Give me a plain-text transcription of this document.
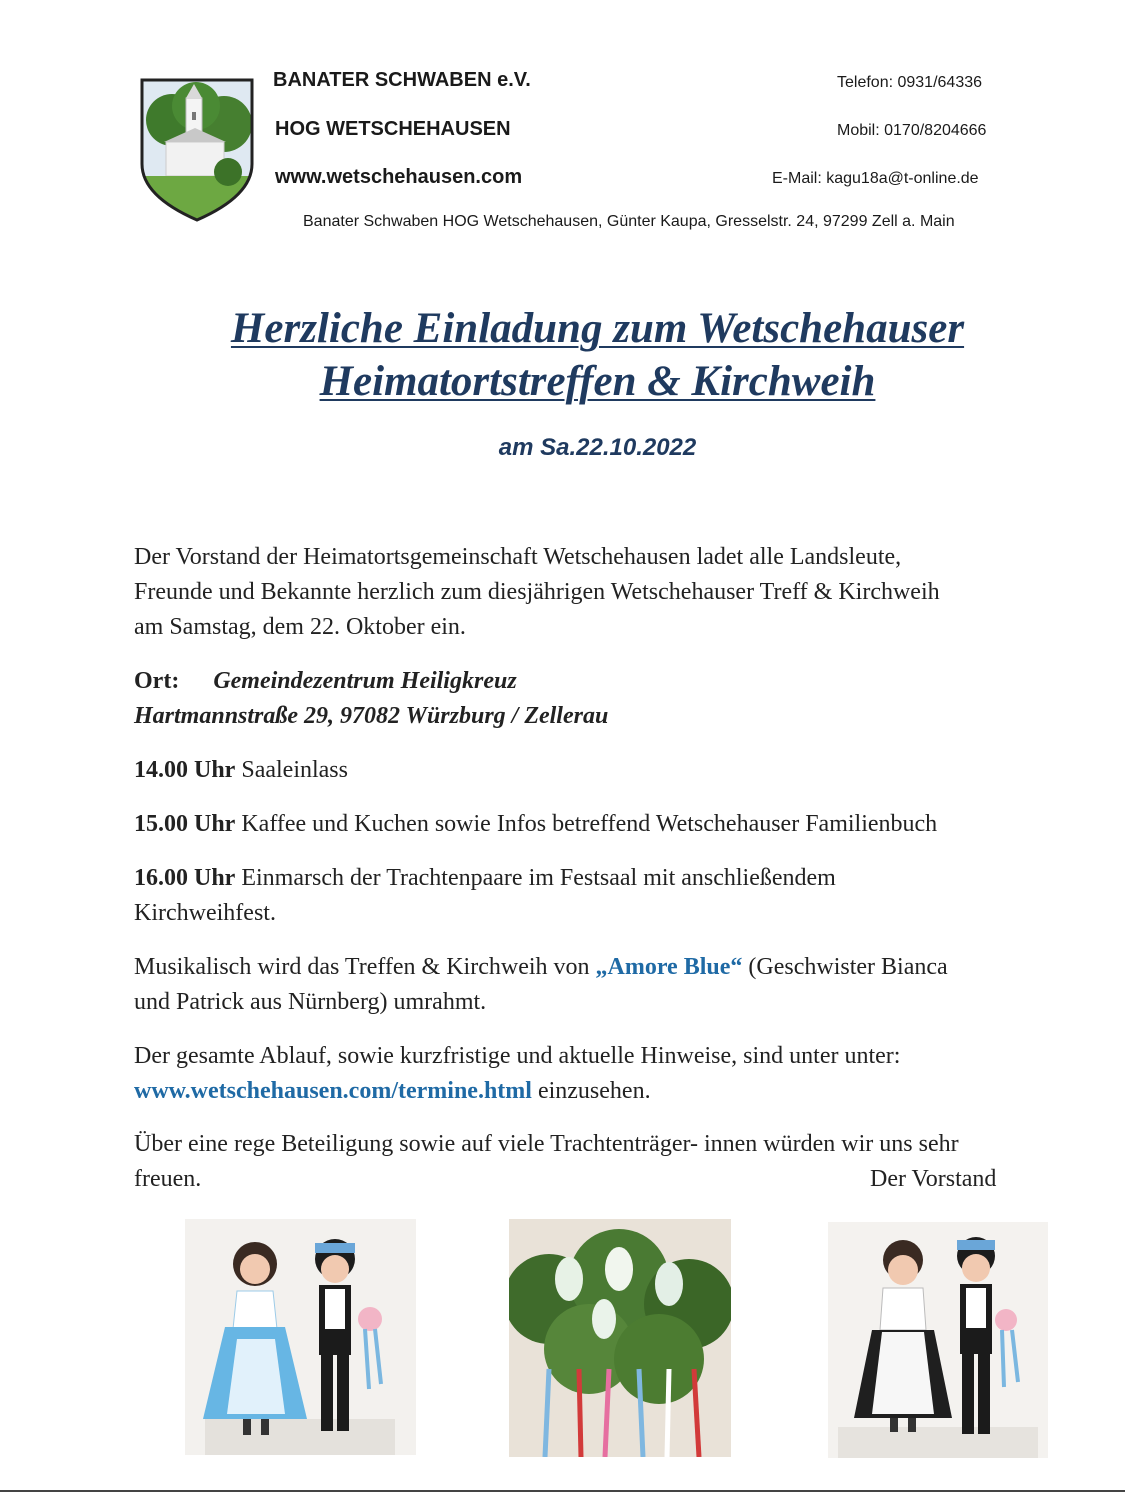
BANATER SCHWABEN e.V.
HOG WETSCHEHAUSEN
www.wetschehausen.com
Telefon: 0931/64336
Mobil: 0170/8204666
E-Mail: kagu18a@t-online.de
Banater Schwaben HOG Wetschehausen, Günter Kaupa, Gresselstr. 24, 97299 Zell a. Main
Herzliche Einladung zum Wetschehauser
Heimatortstreffen & Kirchweih
am Sa.22.10.2022
Der Vorstand der Heimatortsgemeinschaft Wetschehausen ladet alle Landsleute,
Freunde und Bekannte herzlich zum diesjährigen Wetschehauser Treff & Kirchweih
am Samstag, dem 22. Oktober ein.
Ort: Gemeindezentrum Heiligkreuz
Hartmannstraße 29, 97082 Würzburg / Zellerau
14.00 Uhr Saaleinlass
15.00 Uhr Kaffee und Kuchen sowie Infos betreffend Wetschehauser Familienbuch
16.00 Uhr Einmarsch der Trachtenpaare im Festsaal mit anschließendem
Kirchweihfest.
Musikalisch wird das Treffen & Kirchweih von „Amore Blue“ (Geschwister Bianca
und Patrick aus Nürnberg) umrahmt.
Der gesamte Ablauf, sowie kurzfristige und aktuelle Hinweise, sind unter unter:
www.wetschehausen.com/termine.html einzusehen.
Über eine rege Beteiligung sowie auf viele Trachtenträger- innen würden wir uns sehr
freuen.	Der Vorstand
